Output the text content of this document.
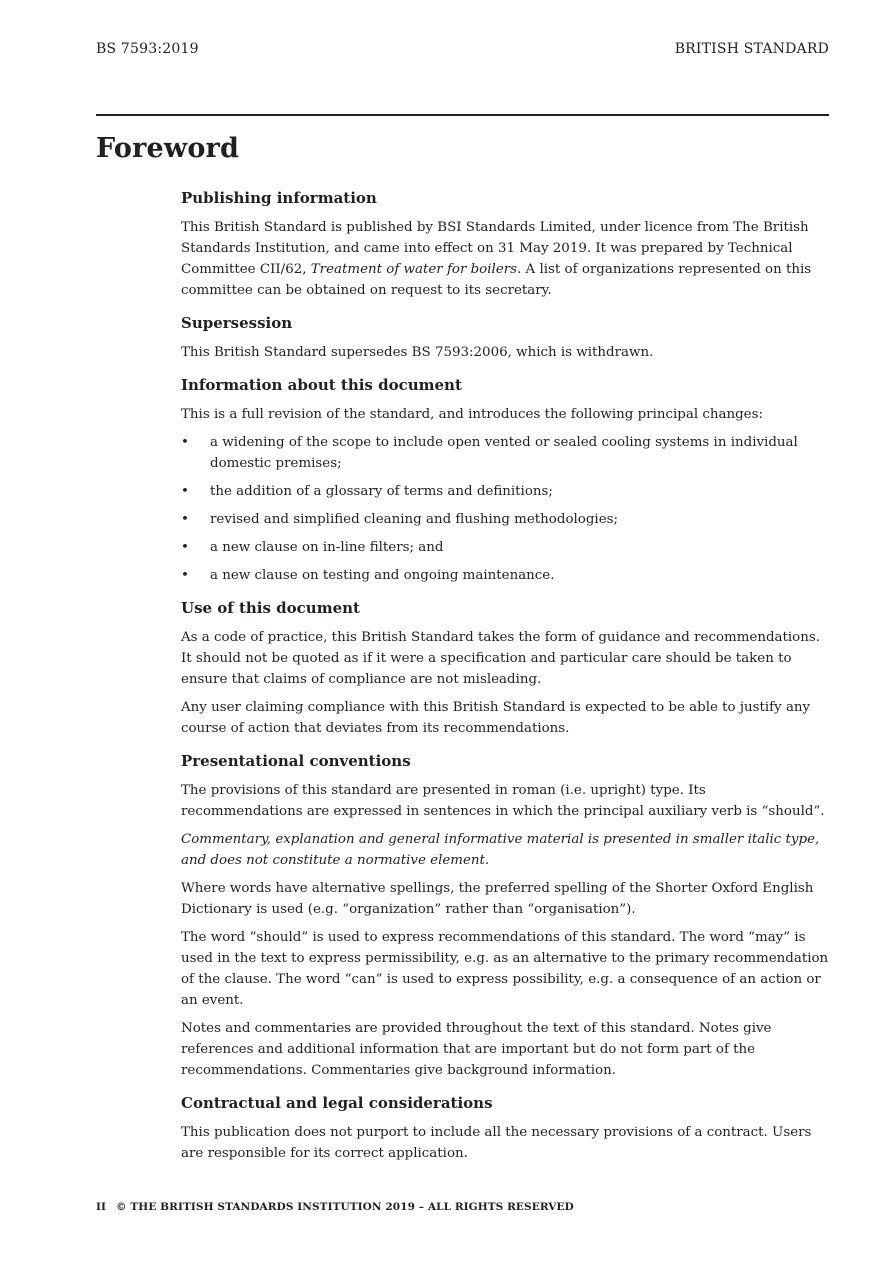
BS 7593:2019	BRITISH STANDARD
Foreword
Publishing information

This British Standard is published by BSI Standards Limited, under licence from The British Standards Institution, and came into effect on 31 May 2019. It was prepared by Technical Committee CII/62, Treatment of water for boilers. A list of organizations represented on this committee can be obtained on request to its secretary.

Supersession

This British Standard supersedes BS 7593:2006, which is withdrawn.

Information about this document

This is a full revision of the standard, and introduces the following principal changes:

• a widening of the scope to include open vented or sealed cooling systems in individual domestic premises;
• the addition of a glossary of terms and definitions;
• revised and simplified cleaning and flushing methodologies;
• a new clause on in-line filters; and
• a new clause on testing and ongoing maintenance.
Use of this document

As a code of practice, this British Standard takes the form of guidance and recommendations.
It should not be quoted as if it were a specification and particular care should be taken to ensure that claims of compliance are not misleading.

Any user claiming compliance with this British Standard is expected to be able to justify any course of action that deviates from its recommendations.

Presentational conventions

The provisions of this standard are presented in roman (i.e. upright) type. Its recommendations are expressed in sentences in which the principal auxiliary verb is “should”.

Commentary, explanation and general informative material is presented in smaller italic type, and does not constitute a normative element.

Where words have alternative spellings, the preferred spelling of the Shorter Oxford English Dictionary is used (e.g. “organization” rather than “organisation”).

The word “should” is used to express recommendations of this standard. The word “may” is used in the text to express permissibility, e.g. as an alternative to the primary recommendation of the clause. The word “can” is used to express possibility, e.g. a consequence of an action or an event.

Notes and commentaries are provided throughout the text of this standard. Notes give references and additional information that are important but do not form part of the recommendations. Commentaries give background information.

Contractual and legal considerations

This publication does not purport to include all the necessary provisions of a contract. Users are responsible for its correct application.

II © THE BRITISH STANDARDS INSTITUTION 2019 – ALL RIGHTS RESERVED
